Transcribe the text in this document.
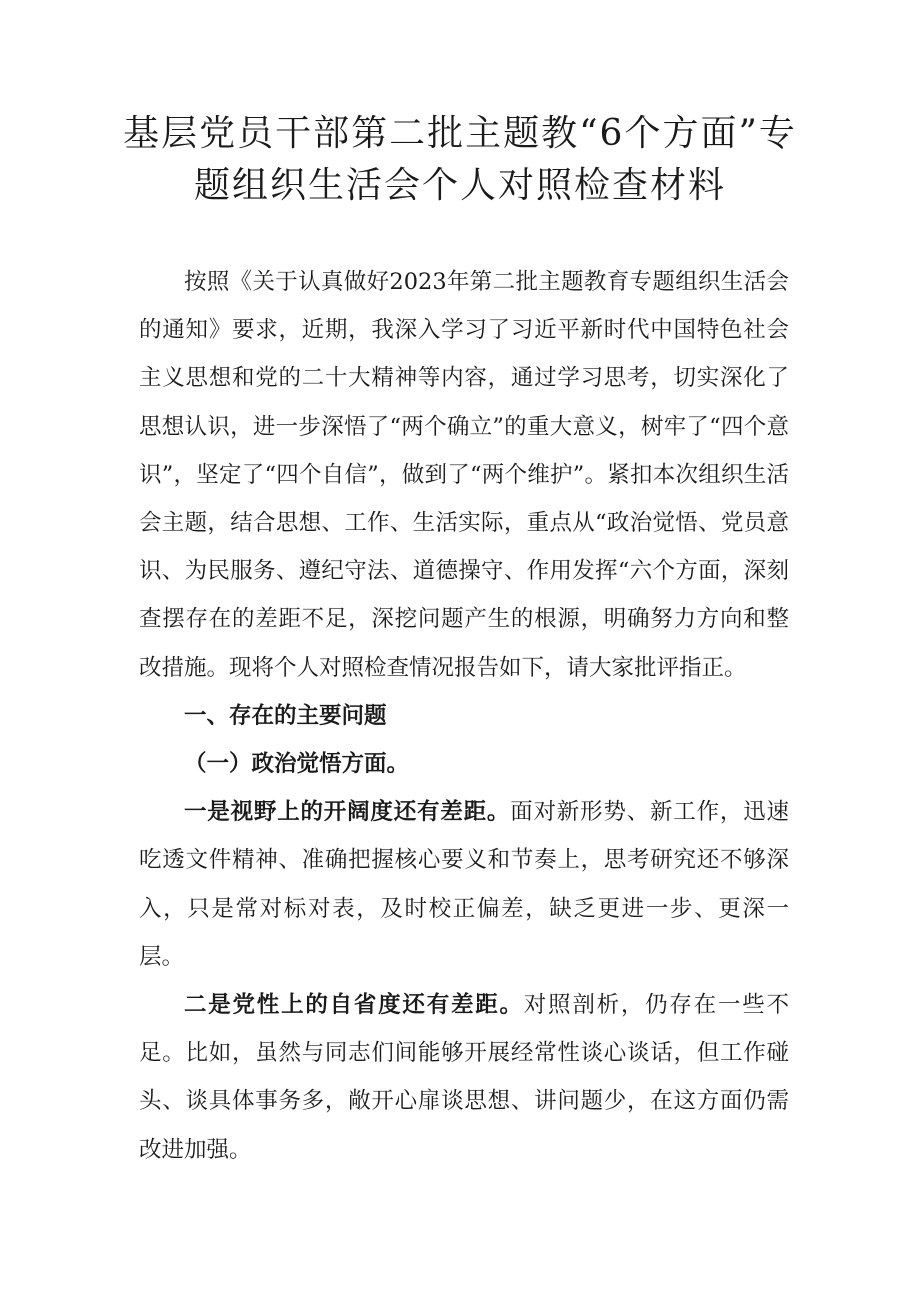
基层党员干部第二批主题教“6个方面”专
题组织生活会个人对照检查材料

按照《关于认真做好2023年第二批主题教育专题组织生活会的通知》要求，近期，我深入学习了习近平新时代中国特色社会主义思想和党的二十大精神等内容，通过学习思考，切实深化了思想认识，进一步深悟了“两个确立”的重大意义，树牢了“四个意识”，坚定了“四个自信”，做到了“两个维护”。紧扣本次组织生活会主题，结合思想、工作、生活实际，重点从“政治觉悟、党员意识、为民服务、遵纪守法、道德操守、作用发挥“六个方面，深刻查摆存在的差距不足，深挖问题产生的根源，明确努力方向和整改措施。现将个人对照检查情况报告如下，请大家批评指正。

一、存在的主要问题

（一）政治觉悟方面。

一是视野上的开阔度还有差距。面对新形势、新工作，迅速吃透文件精神、准确把握核心要义和节奏上，思考研究还不够深入，只是常对标对表，及时校正偏差，缺乏更进一步、更深一层。

二是党性上的自省度还有差距。对照剖析，仍存在一些不足。比如，虽然与同志们间能够开展经常性谈心谈话，但工作碰头、谈具体事务多，敞开心扉谈思想、讲问题少，在这方面仍需改进加强。
